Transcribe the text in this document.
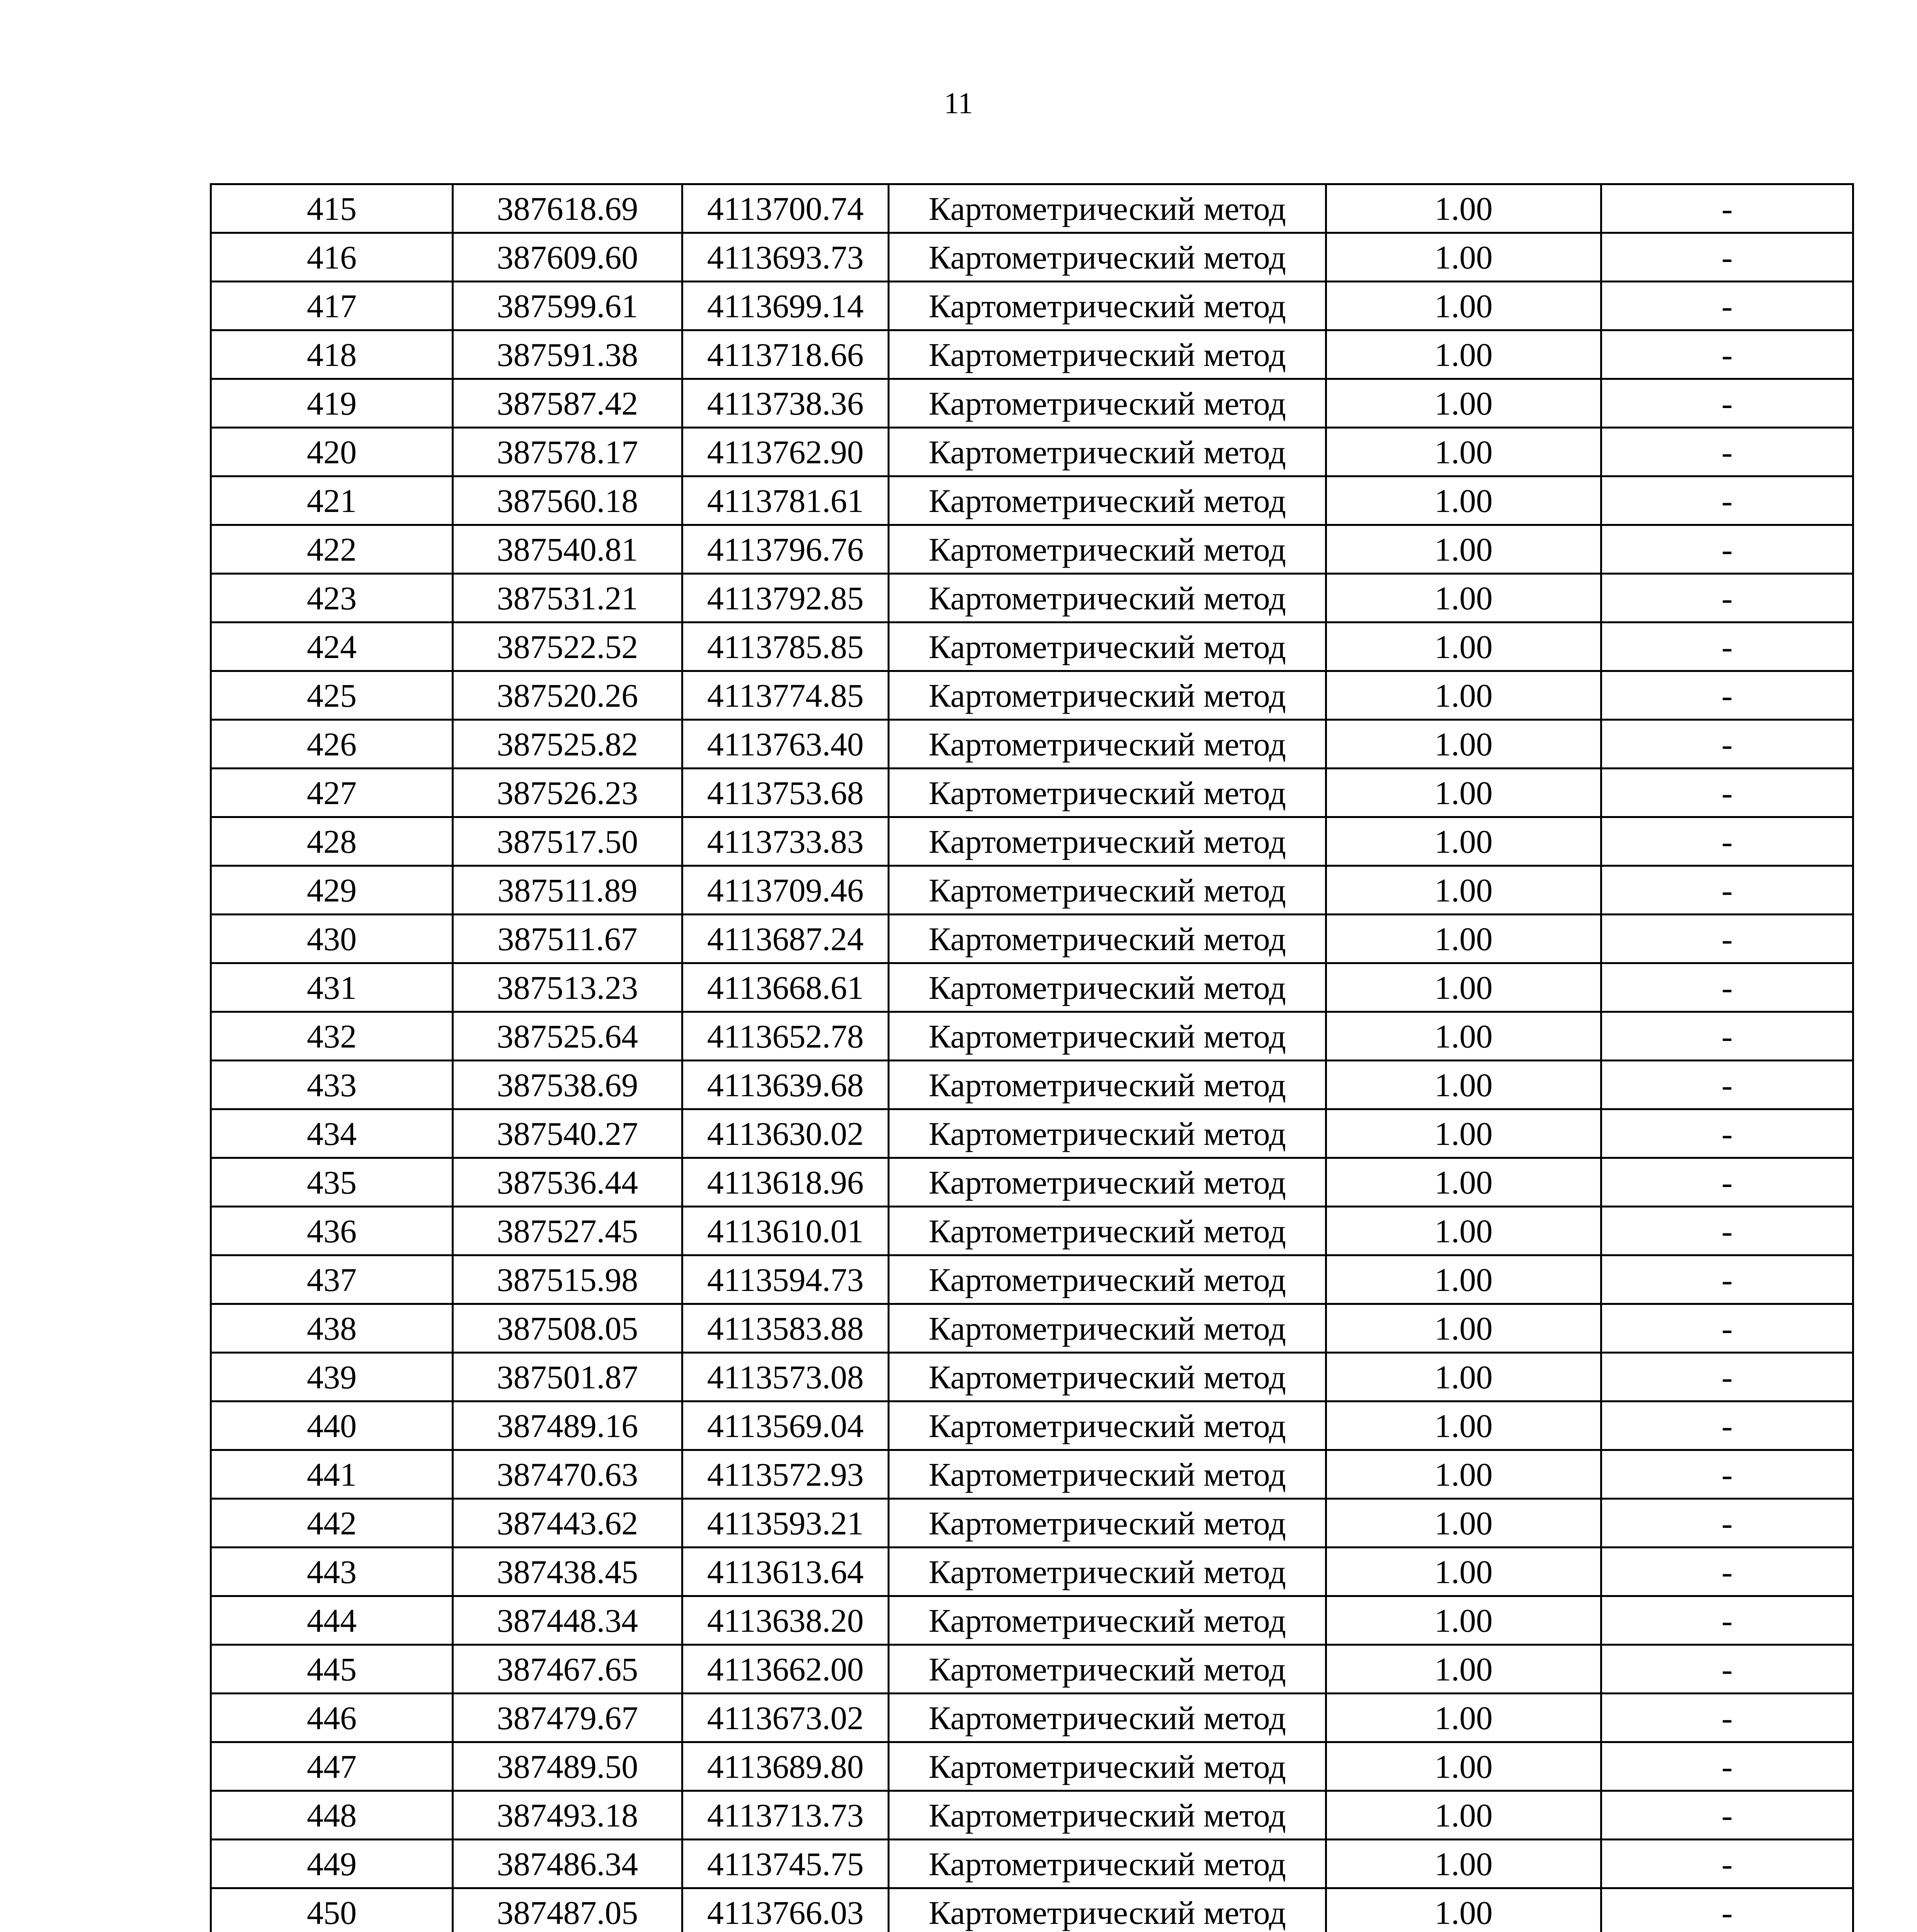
11
415	387618.69	4113700.74	Картометрический метод	1.00	-
416	387609.60	4113693.73	Картометрический метод	1.00	-
417	387599.61	4113699.14	Картометрический метод	1.00	-
418	387591.38	4113718.66	Картометрический метод	1.00	-
419	387587.42	4113738.36	Картометрический метод	1.00	-
420	387578.17	4113762.90	Картометрический метод	1.00	-
421	387560.18	4113781.61	Картометрический метод	1.00	-
422	387540.81	4113796.76	Картометрический метод	1.00	-
423	387531.21	4113792.85	Картометрический метод	1.00	-
424	387522.52	4113785.85	Картометрический метод	1.00	-
425	387520.26	4113774.85	Картометрический метод	1.00	-
426	387525.82	4113763.40	Картометрический метод	1.00	-
427	387526.23	4113753.68	Картометрический метод	1.00	-
428	387517.50	4113733.83	Картометрический метод	1.00	-
429	387511.89	4113709.46	Картометрический метод	1.00	-
430	387511.67	4113687.24	Картометрический метод	1.00	-
431	387513.23	4113668.61	Картометрический метод	1.00	-
432	387525.64	4113652.78	Картометрический метод	1.00	-
433	387538.69	4113639.68	Картометрический метод	1.00	-
434	387540.27	4113630.02	Картометрический метод	1.00	-
435	387536.44	4113618.96	Картометрический метод	1.00	-
436	387527.45	4113610.01	Картометрический метод	1.00	-
437	387515.98	4113594.73	Картометрический метод	1.00	-
438	387508.05	4113583.88	Картометрический метод	1.00	-
439	387501.87	4113573.08	Картометрический метод	1.00	-
440	387489.16	4113569.04	Картометрический метод	1.00	-
441	387470.63	4113572.93	Картометрический метод	1.00	-
442	387443.62	4113593.21	Картометрический метод	1.00	-
443	387438.45	4113613.64	Картометрический метод	1.00	-
444	387448.34	4113638.20	Картометрический метод	1.00	-
445	387467.65	4113662.00	Картометрический метод	1.00	-
446	387479.67	4113673.02	Картометрический метод	1.00	-
447	387489.50	4113689.80	Картометрический метод	1.00	-
448	387493.18	4113713.73	Картометрический метод	1.00	-
449	387486.34	4113745.75	Картометрический метод	1.00	-
450	387487.05	4113766.03	Картометрический метод	1.00	-
